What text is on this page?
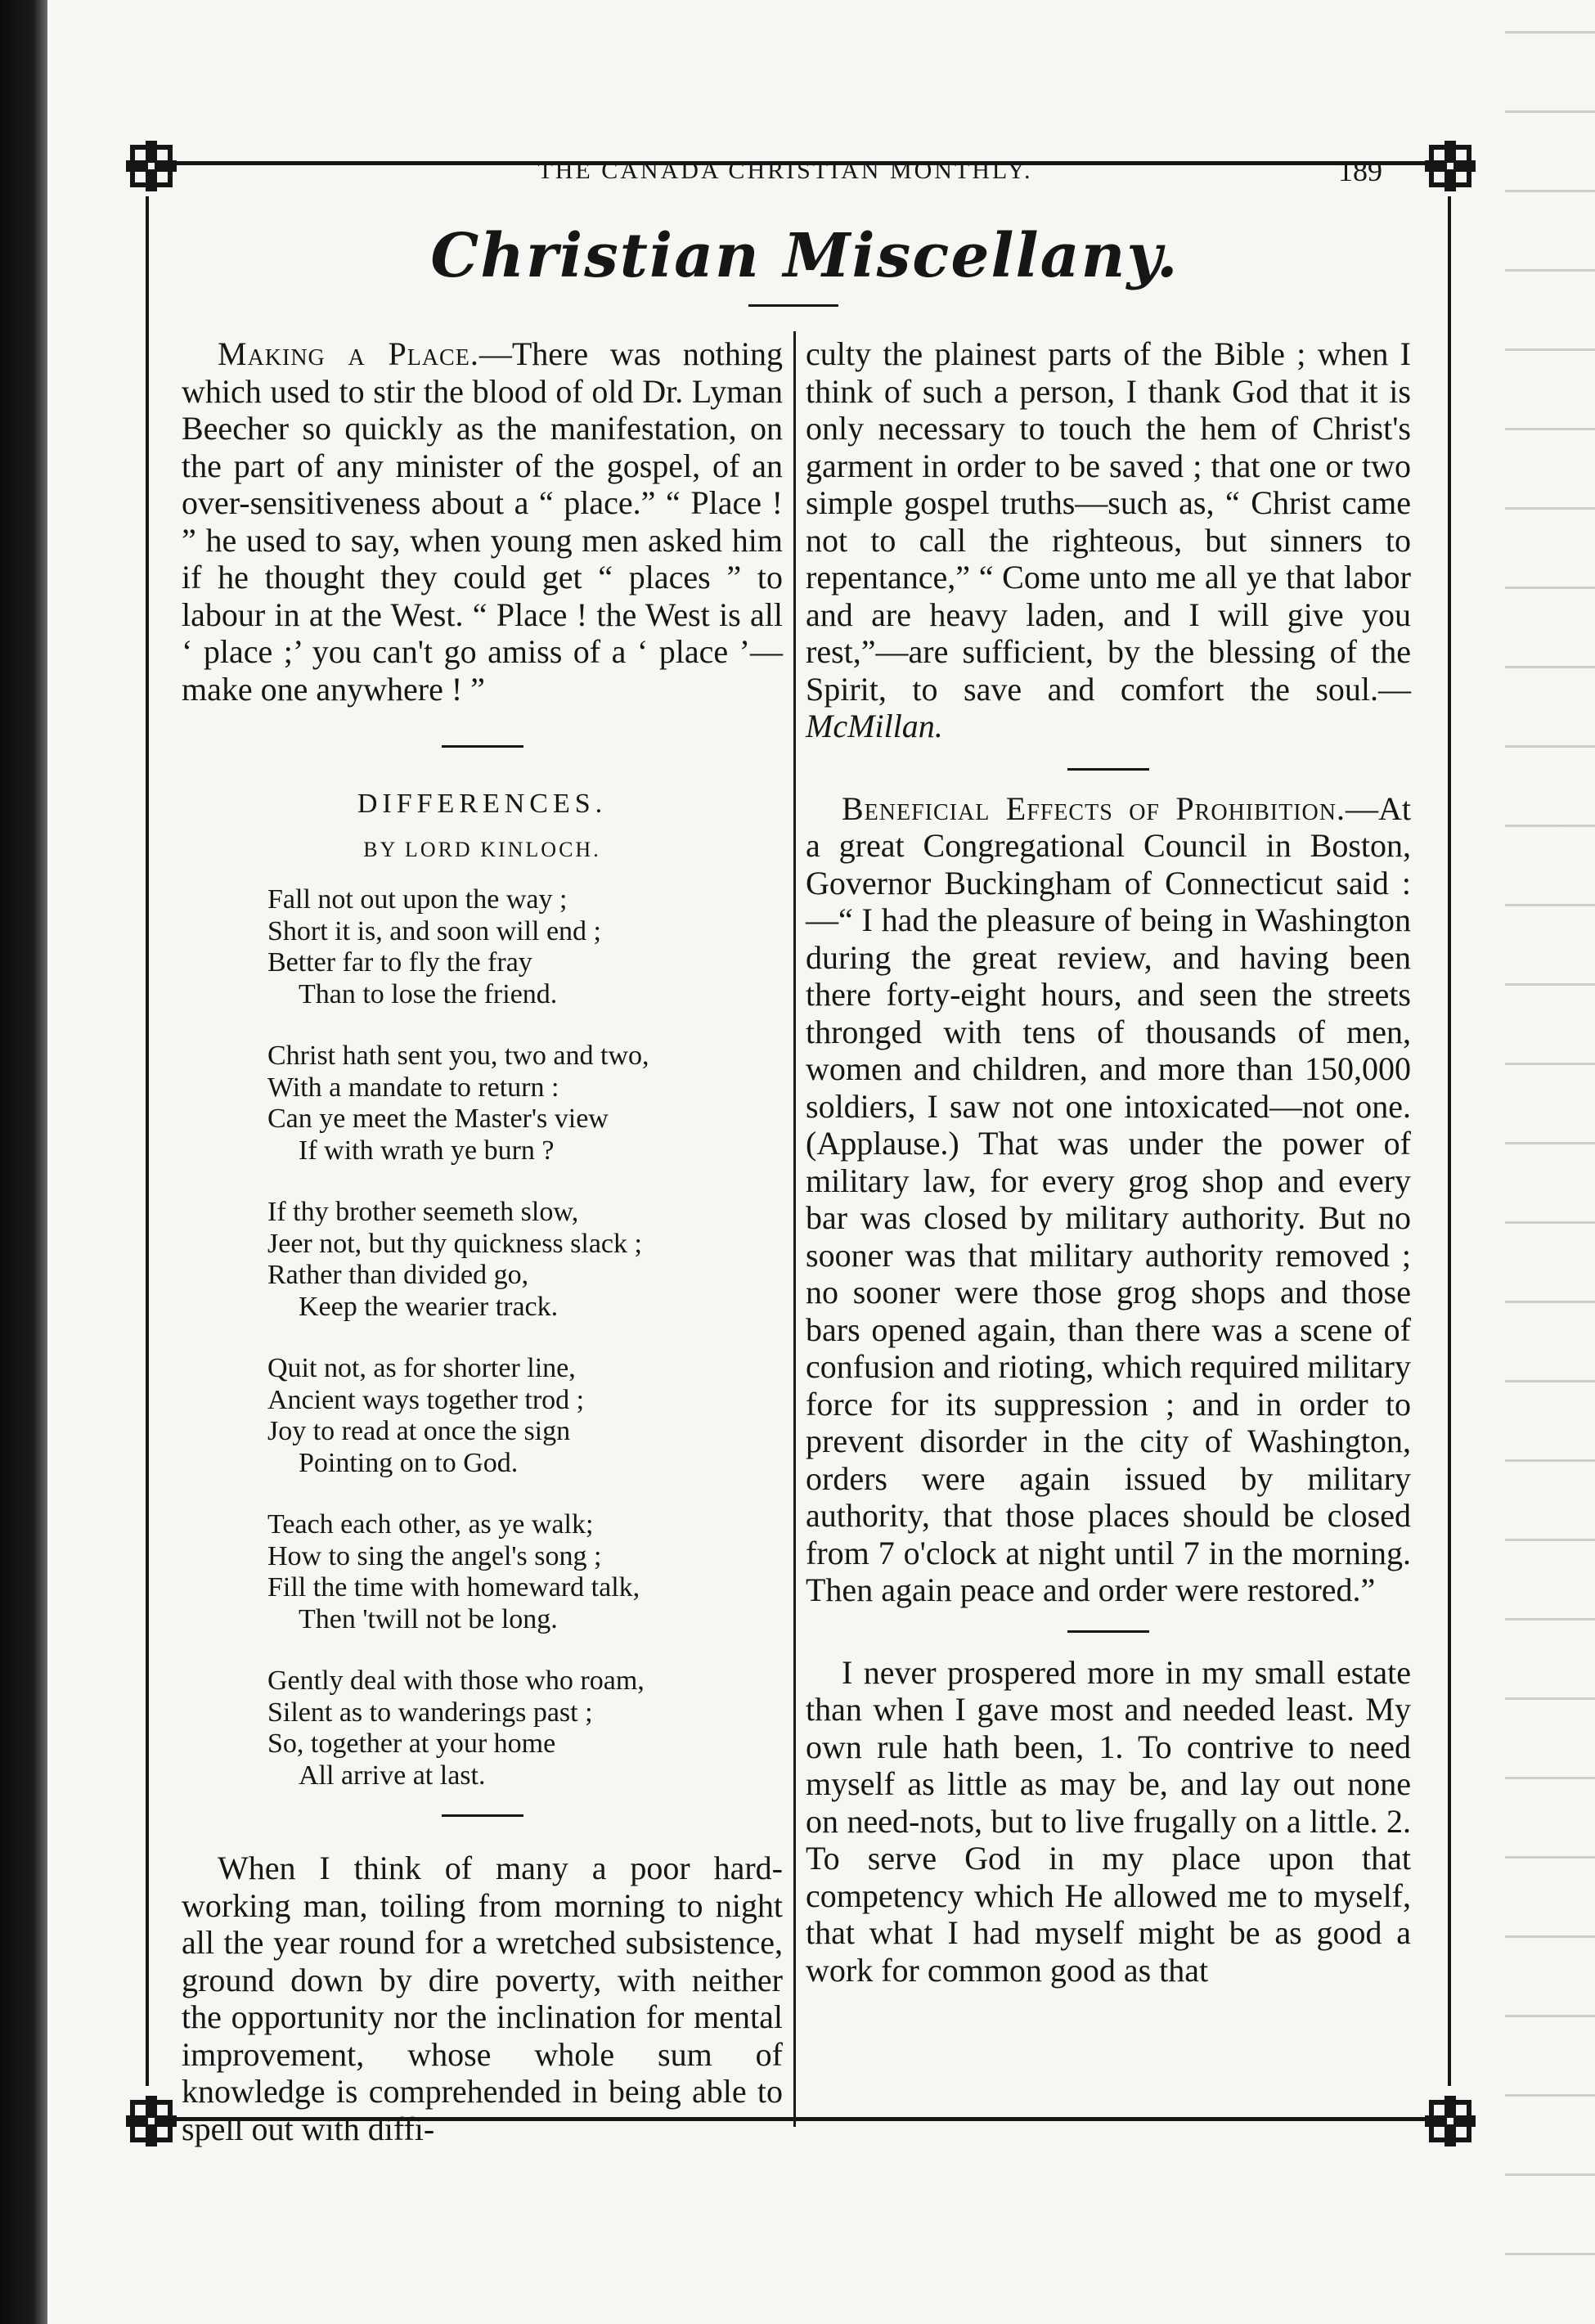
THE CANADA CHRISTIAN MONTHLY.	189
Christian Miscellany.

Making a Place.—There was nothing which used to stir the blood of old Dr. Lyman Beecher so quickly as the manifestation, on the part of any minister of the gospel, of an over-sensitiveness about a “ place.” “ Place ! ” he used to say, when young men asked him if he thought they could get “ places ” to labour in at the West. “ Place ! the West is all ‘ place ;’ you can't go amiss of a ‘ place ’—make one anywhere ! ”

DIFFERENCES.

BY LORD KINLOCH.

Fall not out upon the way ;
Short it is, and soon will end ;
Better far to fly the fray
Than to lose the friend.
Christ hath sent you, two and two,
With a mandate to return :
Can ye meet the Master's view
If with wrath ye burn ?
If thy brother seemeth slow,
Jeer not, but thy quickness slack ;
Rather than divided go,
Keep the wearier track.
Quit not, as for shorter line,
Ancient ways together trod ;
Joy to read at once the sign
Pointing on to God.
Teach each other, as ye walk;
How to sing the angel's song ;
Fill the time with homeward talk,
Then 'twill not be long.
Gently deal with those who roam,
Silent as to wanderings past ;
So, together at your home
All arrive at last.

When I think of many a poor hard-working man, toiling from morning to night all the year round for a wretched subsistence, ground down by dire poverty, with neither the opportunity nor the inclination for mental improvement, whose whole sum of knowledge is comprehended in being able to spell out with diffi-

culty the plainest parts of the Bible ; when I think of such a person, I thank God that it is only necessary to touch the hem of Christ's garment in order to be saved ; that one or two simple gospel truths—such as, “ Christ came not to call the righteous, but sinners to repentance,” “ Come unto me all ye that labor and are heavy laden, and I will give you rest,”—are sufficient, by the blessing of the Spirit, to save and comfort the soul.—McMillan.

Beneficial Effects of Prohibition.—At a great Congregational Council in Boston, Governor Buckingham of Connecticut said :—“ I had the pleasure of being in Washington during the great review, and having been there forty-eight hours, and seen the streets thronged with tens of thousands of men, women and children, and more than 150,000 soldiers, I saw not one intoxicated—not one. (Applause.) That was under the power of military law, for every grog shop and every bar was closed by military authority. But no sooner was that military authority removed ; no sooner were those grog shops and those bars opened again, than there was a scene of confusion and rioting, which required military force for its suppression ; and in order to prevent disorder in the city of Washington, orders were again issued by military authority, that those places should be closed from 7 o'clock at night until 7 in the morning. Then again peace and order were restored.”

I never prospered more in my small estate than when I gave most and needed least. My own rule hath been, 1. To contrive to need myself as little as may be, and lay out none on need-nots, but to live frugally on a little. 2. To serve God in my place upon that competency which He allowed me to myself, that what I had myself might be as good a work for common good as that
